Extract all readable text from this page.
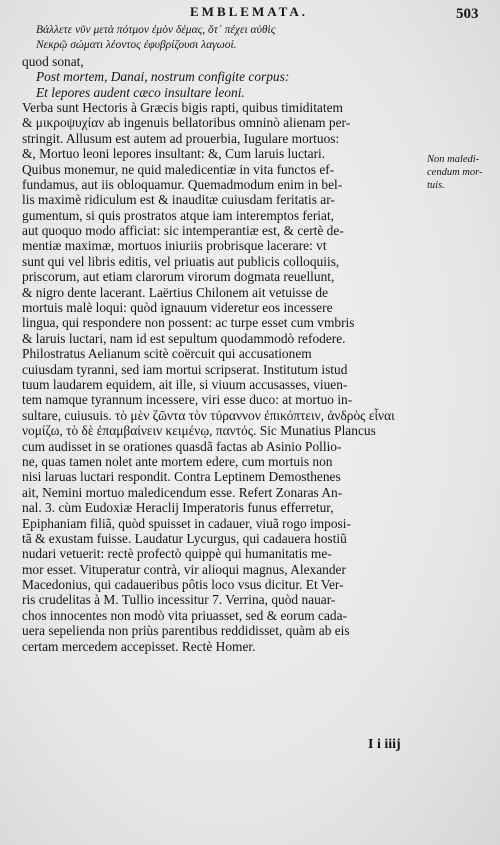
EMBLEMATA.	503
Βάλλετε νῦν μετὰ πότμον ἐμὸν δέμας, ὅτ᾽ πέχει αὐθὶς
Νεκρῷ σώματι λέοντος ἐφυβρίζουσι λαγωοί.
quod sonat,
Post mortem, Danai, nostrum configite corpus:
Et lepores audent cæco insultare leoni.
Verba sunt Hectoris à Græcis bigis rapti, quibus timiditatem
& μικροψυχίαν ab ingenuis bellatoribus omninò alienam per-
stringit. Allusum est autem ad prouerbia, Iugulare mortuos:
&, Mortuo leoni lepores insultant: &, Cum laruis luctari.
Quibus monemur, ne quid maledicentiæ in vita functos ef-
fundamus, aut iis obloquamur. Quemadmodum enim in bel-
lis maximè ridiculum est & inauditæ cuiusdam feritatis ar-
gumentum, si quis prostratos atque iam interemptos feriat,
aut quoquo modo afficiat: sic intemperantiæ est, & certè de-
mentiæ maximæ, mortuos iniuriis probrisque lacerare: vt
sunt qui vel libris editis, vel priuatis aut publicis colloquiis,
priscorum, aut etiam clarorum virorum dogmata reuellunt,
& nigro dente lacerant. Laërtius Chilonem ait vetuisse de
mortuis malè loqui: quòd ignauum videretur eos incessere
lingua, qui respondere non possent: ac turpe esset cum vmbris
& laruis luctari, nam id est sepultum quodammodò refodere.
Philostratus Aelianum scitè coërcuit qui accusationem
cuiusdam tyranni, sed iam mortui scripserat. Institutum istud
tuum laudarem equidem, ait ille, si viuum accusasses, viuen-
tem namque tyrannum incessere, viri esse duco: at mortuo in-
sultare, cuiusuis. τὸ μὲν ζῶντα τὸν τύραννον ἐπικόπτειν, ἀνδρὸς εἶναι
νομίζω, τὸ δὲ ἐπαμβαίνειν κειμένῳ, παντός. Sic Munatius Plancus
cum audisset in se orationes quasdã factas ab Asinio Pollio-
ne, quas tamen nolet ante mortem edere, cum mortuis non
nisi laruas luctari respondit. Contra Leptinem Demosthenes
ait, Nemini mortuo maledicendum esse. Refert Zonaras An-
nal. 3. cùm Eudoxiæ Heraclij Imperatoris funus efferretur,
Epiphaniam filiã, quòd spuisset in cadauer, viuã rogo imposi-
tã & exustam fuisse. Laudatur Lycurgus, qui cadauera hostiũ
nudari vetuerit: rectè profectò quippè qui humanitatis me-
mor esset. Vituperatur contrà, vir alioqui magnus, Alexander
Macedonius, qui cadaueribus pôtis loco vsus dicitur. Et Ver-
ris crudelitas à M. Tullio incessitur 7. Verrina, quòd nauar-
chos innocentes non modò vita priuasset, sed & eorum cada-
uera sepelienda non priùs parentibus reddidisset, quàm ab eis
certam mercedem accepisset. Rectè Homer.
Non maledi-
cendum mor-
tuis.
I i iiij
